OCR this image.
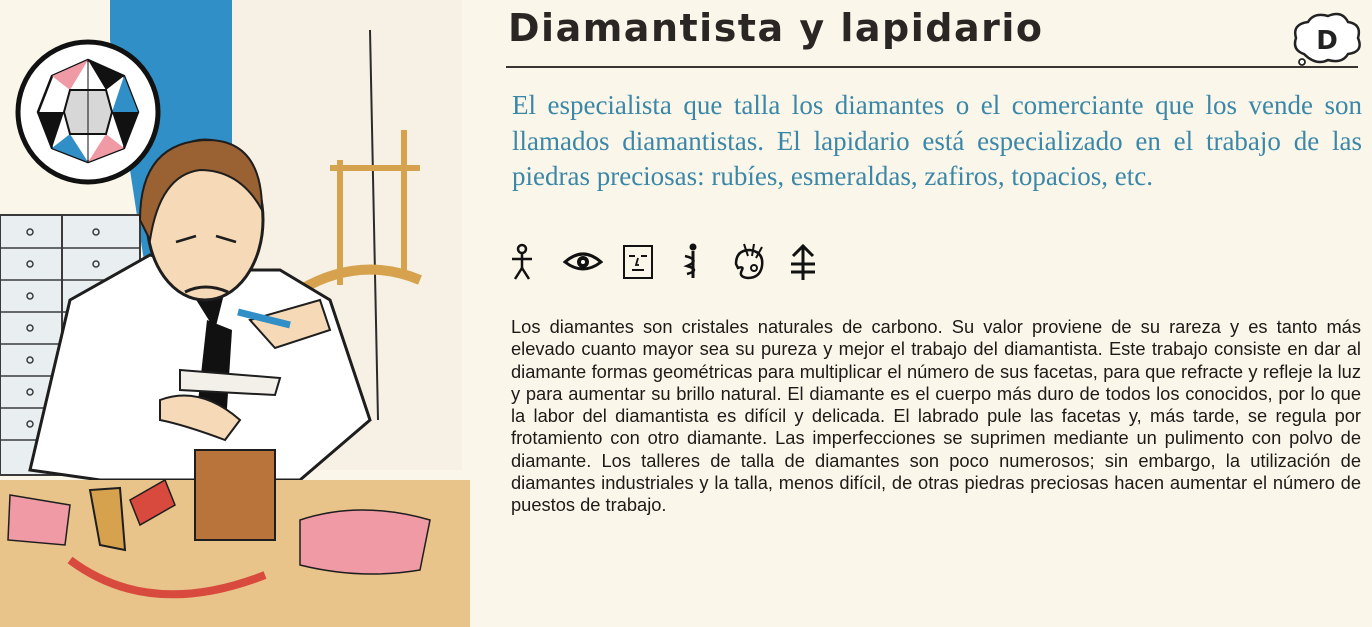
Diamantista y lapidario	D

El especialista que talla los diamantes o el comerciante que los vende son llamados diamantistas. El lapidario está especializado en el trabajo de las piedras preciosas: rubíes, esmeraldas, zafiros, topacios, etc.

Los diamantes son cristales naturales de carbono. Su valor proviene de su rareza y es tanto más elevado cuanto mayor sea su pureza y mejor el trabajo del diamantista. Este trabajo consiste en dar al diamante formas geométricas para multiplicar el número de sus facetas, para que refracte y refleje la luz y para aumentar su brillo natural. El diamante es el cuerpo más duro de todos los conocidos, por lo que la labor del diamantista es difícil y delicada. El labrado pule las facetas y, más tarde, se regula por frotamiento con otro diamante. Las imperfecciones se suprimen mediante un pulimento con polvo de diamante. Los talleres de talla de diamantes son poco numerosos; sin embargo, la utilización de diamantes industriales y la talla, menos difícil, de otras piedras preciosas hacen aumentar el número de puestos de trabajo.
